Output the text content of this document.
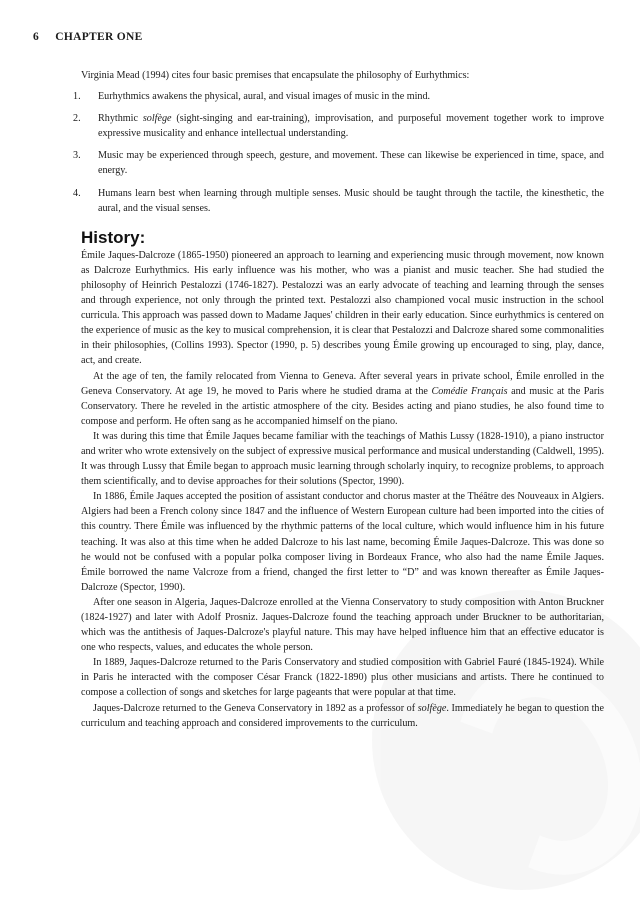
6 CHAPTER ONE

Virginia Mead (1994) cites four basic premises that encapsulate the philosophy of Eurhythmics:

1. Eurhythmics awakens the physical, aural, and visual images of music in the mind.
2. Rhythmic solfège (sight-singing and ear-training), improvisation, and purposeful movement together work to improve expressive musicality and enhance intellectual understanding.
3. Music may be experienced through speech, gesture, and movement. These can likewise be experienced in time, space, and energy.
4. Humans learn best when learning through multiple senses. Music should be taught through the tactile, the kinesthetic, the aural, and the visual senses.
History:

Émile Jaques-Dalcroze (1865-1950) pioneered an approach to learning and experiencing music through movement, now known as Dalcroze Eurhythmics. His early influence was his mother, who was a pianist and music teacher. She had studied the philosophy of Heinrich Pestalozzi (1746-1827). Pestalozzi was an early advocate of teaching and learning through the senses and through experience, not only through the printed text. Pestalozzi also championed vocal music instruction in the school curricula. This approach was passed down to Madame Jaques' children in their early education. Since eurhythmics is centered on the experience of music as the key to musical comprehension, it is clear that Pestalozzi and Dalcroze shared some commonalities in their philosophies, (Collins 1993). Spector (1990, p. 5) describes young Émile growing up encouraged to sing, play, dance, act, and create.

At the age of ten, the family relocated from Vienna to Geneva. After several years in private school, Émile enrolled in the Geneva Conservatory. At age 19, he moved to Paris where he studied drama at the Comédie Français and music at the Paris Conservatory. There he reveled in the artistic atmosphere of the city. Besides acting and piano studies, he also found time to compose and perform. He often sang as he accompanied himself on the piano.

It was during this time that Émile Jaques became familiar with the teachings of Mathis Lussy (1828-1910), a piano instructor and writer who wrote extensively on the subject of expressive musical performance and musical understanding (Caldwell, 1995). It was through Lussy that Émile began to approach music learning through scholarly inquiry, to recognize problems, to approach them scientifically, and to devise approaches for their solutions (Spector, 1990).

In 1886, Émile Jaques accepted the position of assistant conductor and chorus master at the Théâtre des Nouveaux in Algiers. Algiers had been a French colony since 1847 and the influence of Western European culture had been imported into the cities of this country. There Émile was influenced by the rhythmic patterns of the local culture, which would influence him in his future teaching. It was also at this time when he added Dalcroze to his last name, becoming Émile Jaques-Dalcroze. This was done so he would not be confused with a popular polka composer living in Bordeaux France, who also had the name Émile Jaques. Émile borrowed the name Valcroze from a friend, changed the first letter to “D” and was known thereafter as Émile Jaques-Dalcroze (Spector, 1990).

After one season in Algeria, Jaques-Dalcroze enrolled at the Vienna Conservatory to study composition with Anton Bruckner (1824-1927) and later with Adolf Prosniz. Jaques-Dalcroze found the teaching approach under Bruckner to be authoritarian, which was the antithesis of Jaques-Dalcroze's playful nature. This may have helped influence him that an effective educator is one who respects, values, and educates the whole person.

In 1889, Jaques-Dalcroze returned to the Paris Conservatory and studied composition with Gabriel Fauré (1845-1924). While in Paris he interacted with the composer César Franck (1822-1890) plus other musicians and artists. There he continued to compose a collection of songs and sketches for large pageants that were popular at that time.

Jaques-Dalcroze returned to the Geneva Conservatory in 1892 as a professor of solfège. Immediately he began to question the curriculum and teaching approach and considered improvements to the curriculum.
